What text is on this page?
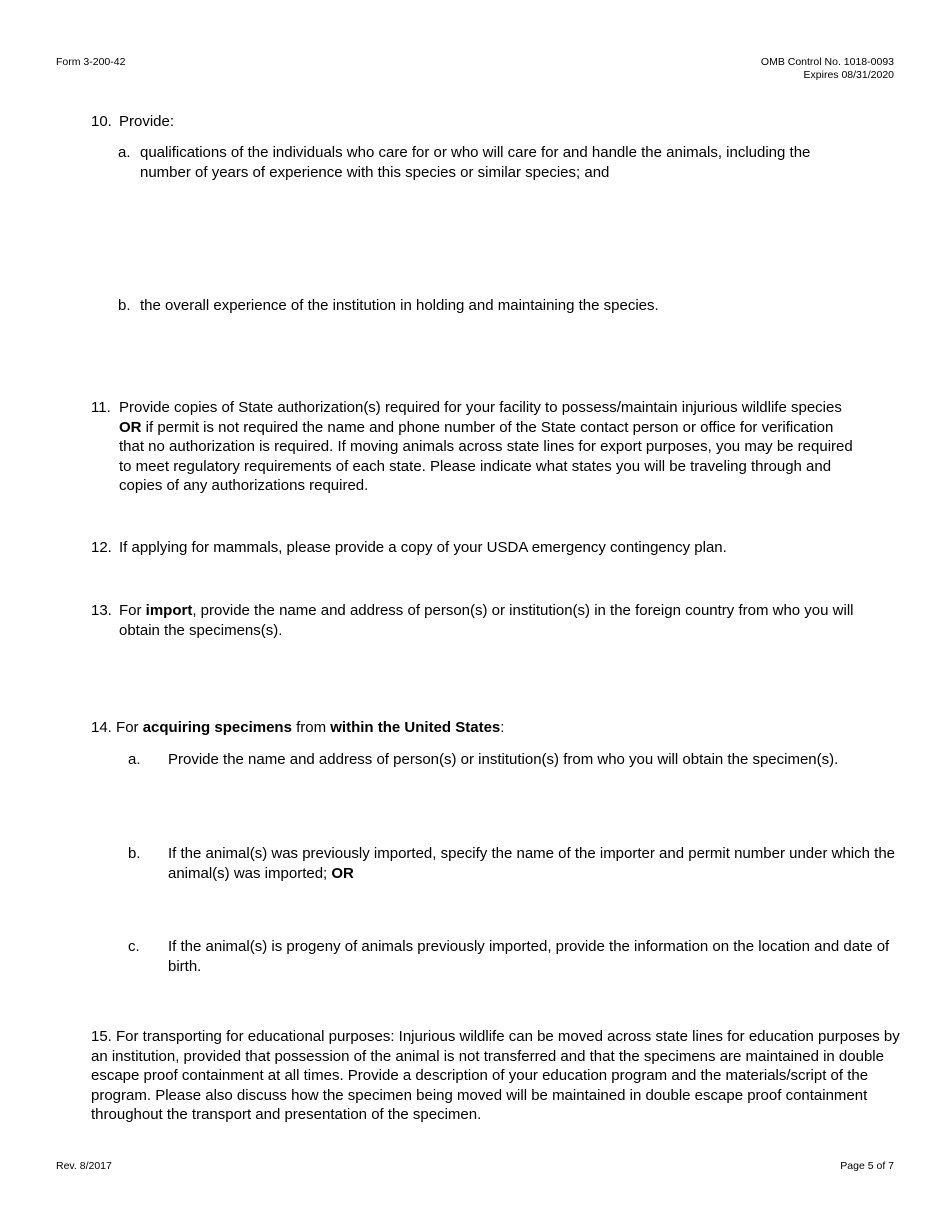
Form 3-200-42	OMB Control No. 1018-0093
Expires 08/31/2020
10. Provide:
a. qualifications of the individuals who care for or who will care for and handle the animals, including the number of years of experience with this species or similar species; and
b. the overall experience of the institution in holding and maintaining the species.
11. Provide copies of State authorization(s) required for your facility to possess/maintain injurious wildlife species OR if permit is not required the name and phone number of the State contact person or office for verification that no authorization is required. If moving animals across state lines for export purposes, you may be required to meet regulatory requirements of each state. Please indicate what states you will be traveling through and copies of any authorizations required.
12. If applying for mammals, please provide a copy of your USDA emergency contingency plan.
13. For import, provide the name and address of person(s) or institution(s) in the foreign country from who you will obtain the specimens(s).
14. For acquiring specimens from within the United States:
a. Provide the name and address of person(s) or institution(s) from who you will obtain the specimen(s).
b. If the animal(s) was previously imported, specify the name of the importer and permit number under which the animal(s) was imported; OR
c. If the animal(s) is progeny of animals previously imported, provide the information on the location and date of birth.
15. For transporting for educational purposes: Injurious wildlife can be moved across state lines for education purposes by an institution, provided that possession of the animal is not transferred and that the specimens are maintained in double escape proof containment at all times. Provide a description of your education program and the materials/script of the program. Please also discuss how the specimen being moved will be maintained in double escape proof containment throughout the transport and presentation of the specimen.
Rev. 8/2017	Page 5 of 7
